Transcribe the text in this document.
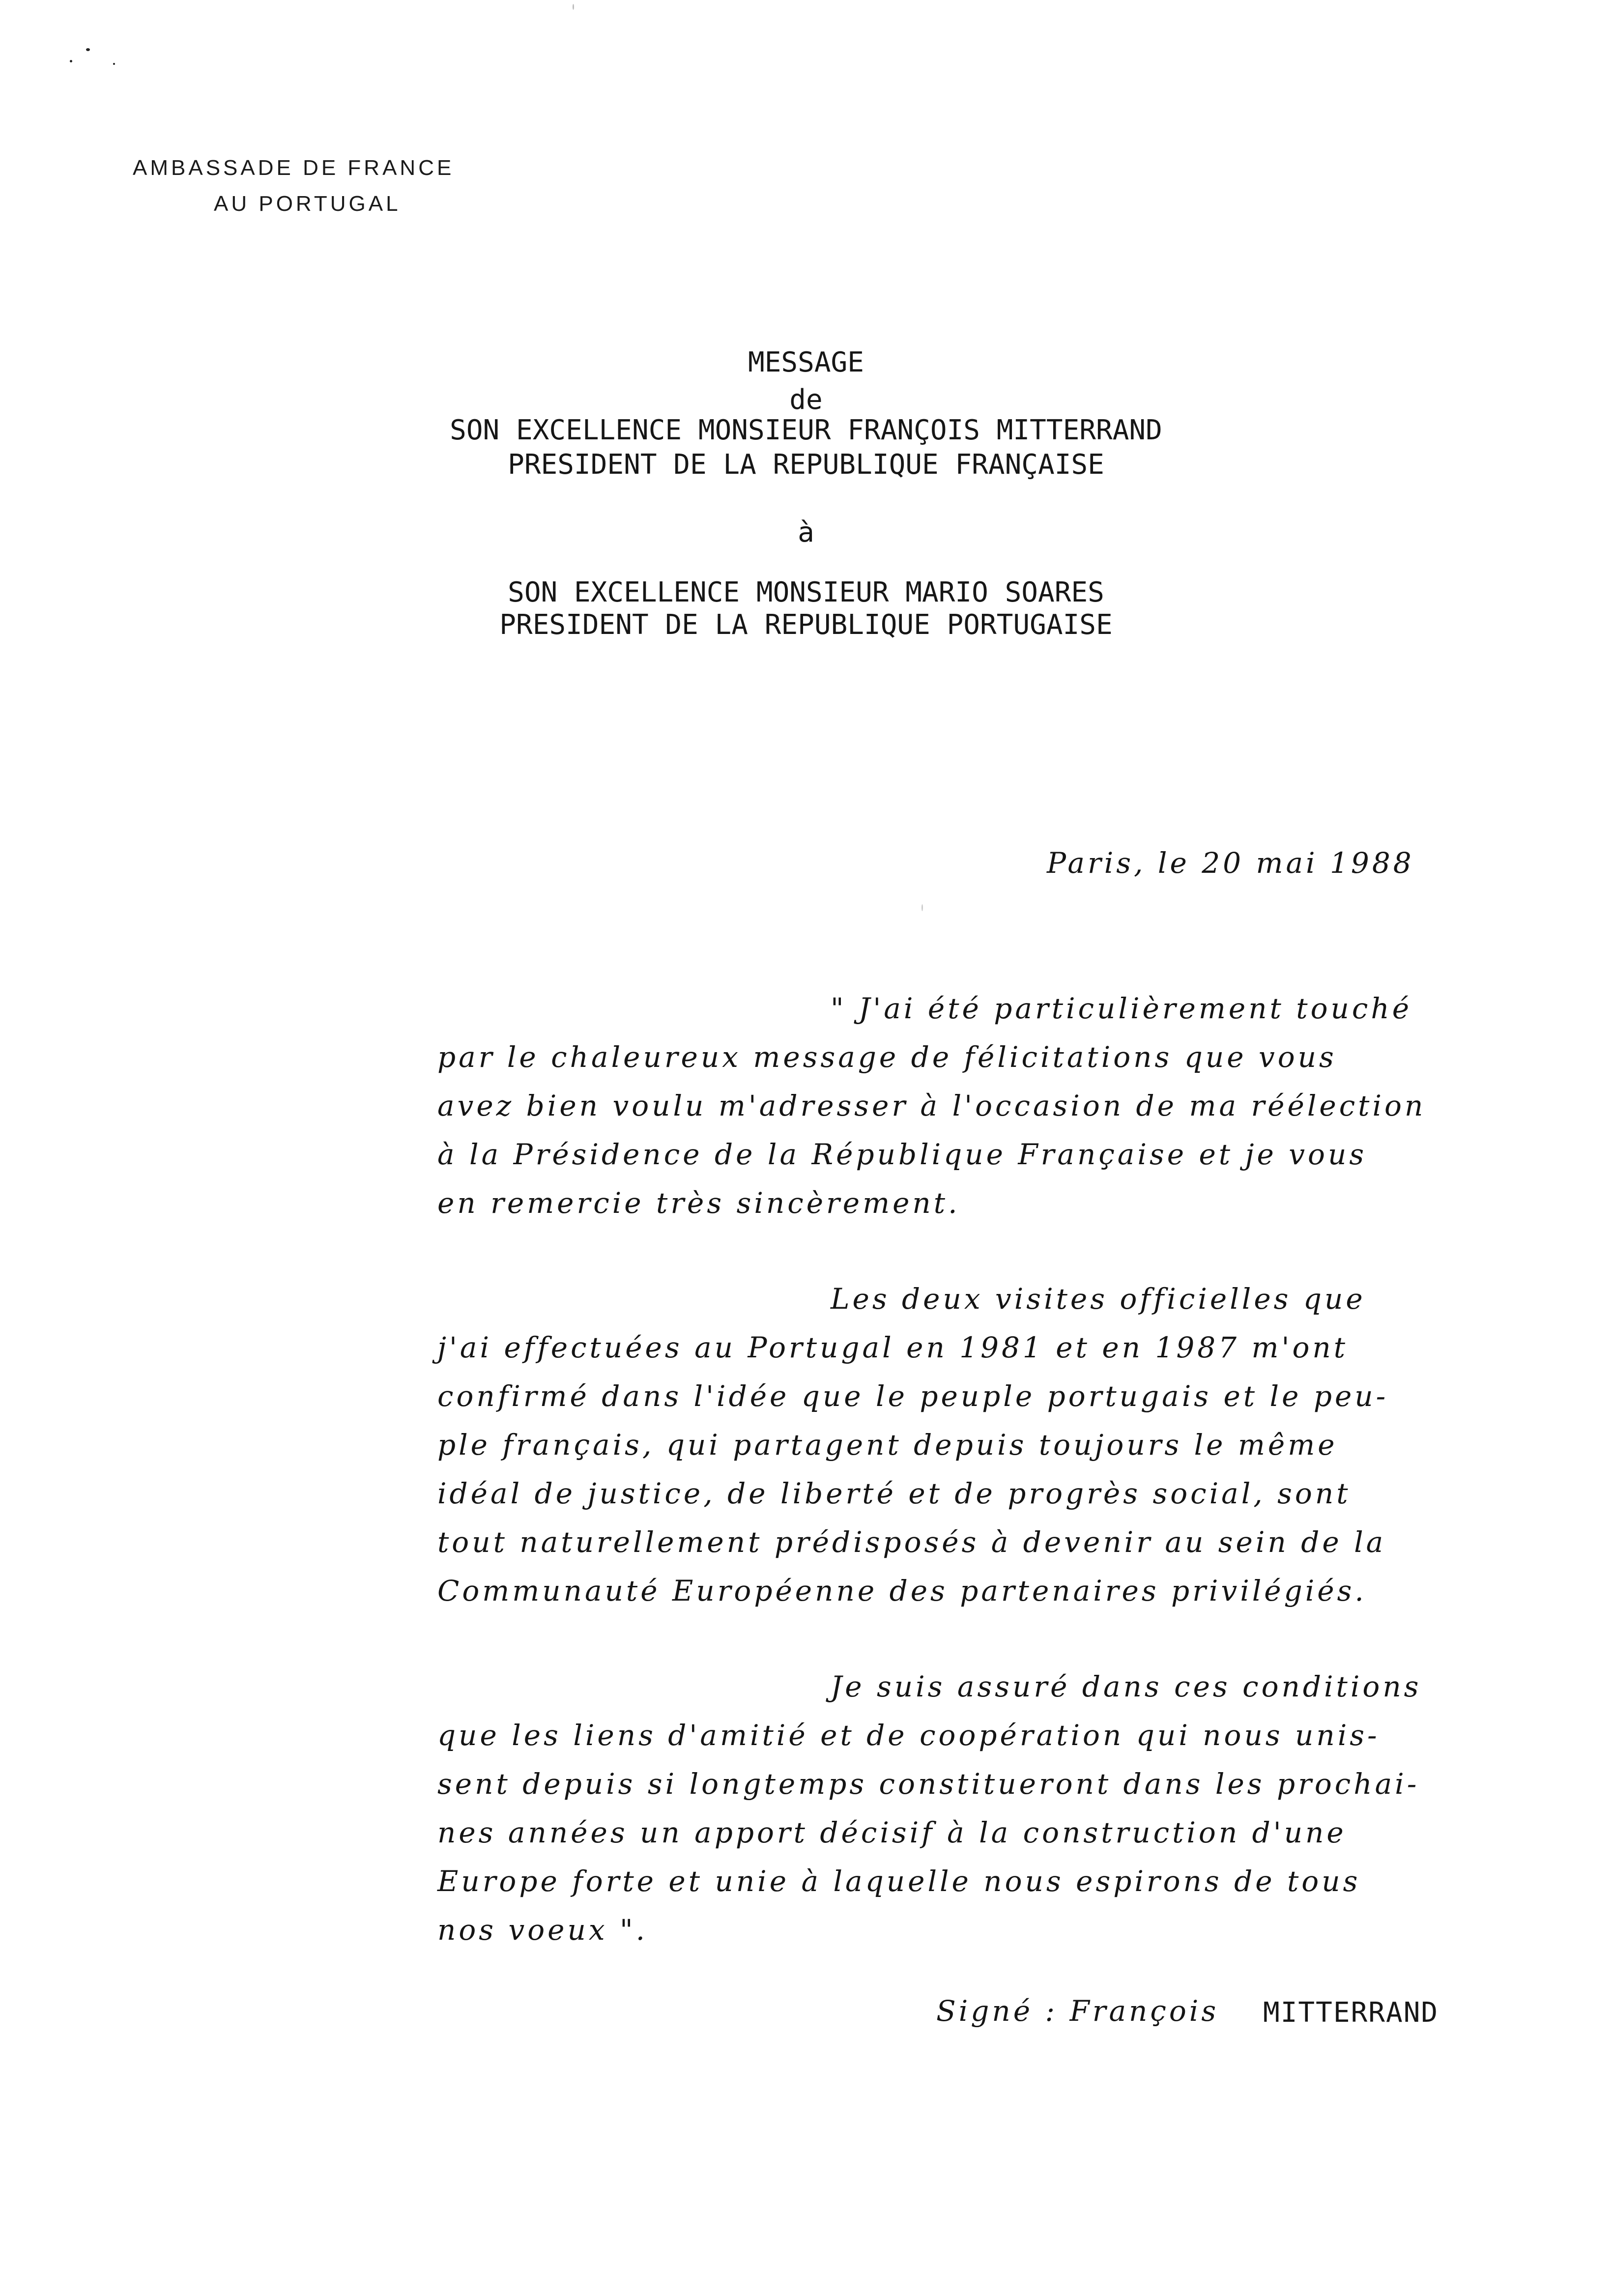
AMBASSADE DE FRANCE
AU PORTUGAL
MESSAGE
de
SON EXCELLENCE MONSIEUR FRANÇOIS MITTERRAND
PRESIDENT DE LA REPUBLIQUE FRANÇAISE
à
SON EXCELLENCE MONSIEUR MARIO SOARES
PRESIDENT DE LA REPUBLIQUE PORTUGAISE
Paris, le 20 mai 1988
" J'ai été particulièrement touché
par le chaleureux message de félicitations que vous
avez bien voulu m'adresser à l'occasion de ma réélection
à la Présidence de la République Française et je vous
en remercie très sincèrement.
Les deux visites officielles que
j'ai effectuées au Portugal en 1981 et en 1987 m'ont
confirmé dans l'idée que le peuple portugais et le peu-
ple français, qui partagent depuis toujours le même
idéal de justice, de liberté et de progrès social, sont
tout naturellement prédisposés à devenir au sein de la
Communauté Européenne des partenaires privilégiés.
Je suis assuré dans ces conditions
que les liens d'amitié et de coopération qui nous unis-
sent depuis si longtemps constitueront dans les prochai-
nes années un apport décisif à la construction d'une
Europe forte et unie à laquelle nous espirons de tous
nos voeux ".
Signé : François MITTERRAND
